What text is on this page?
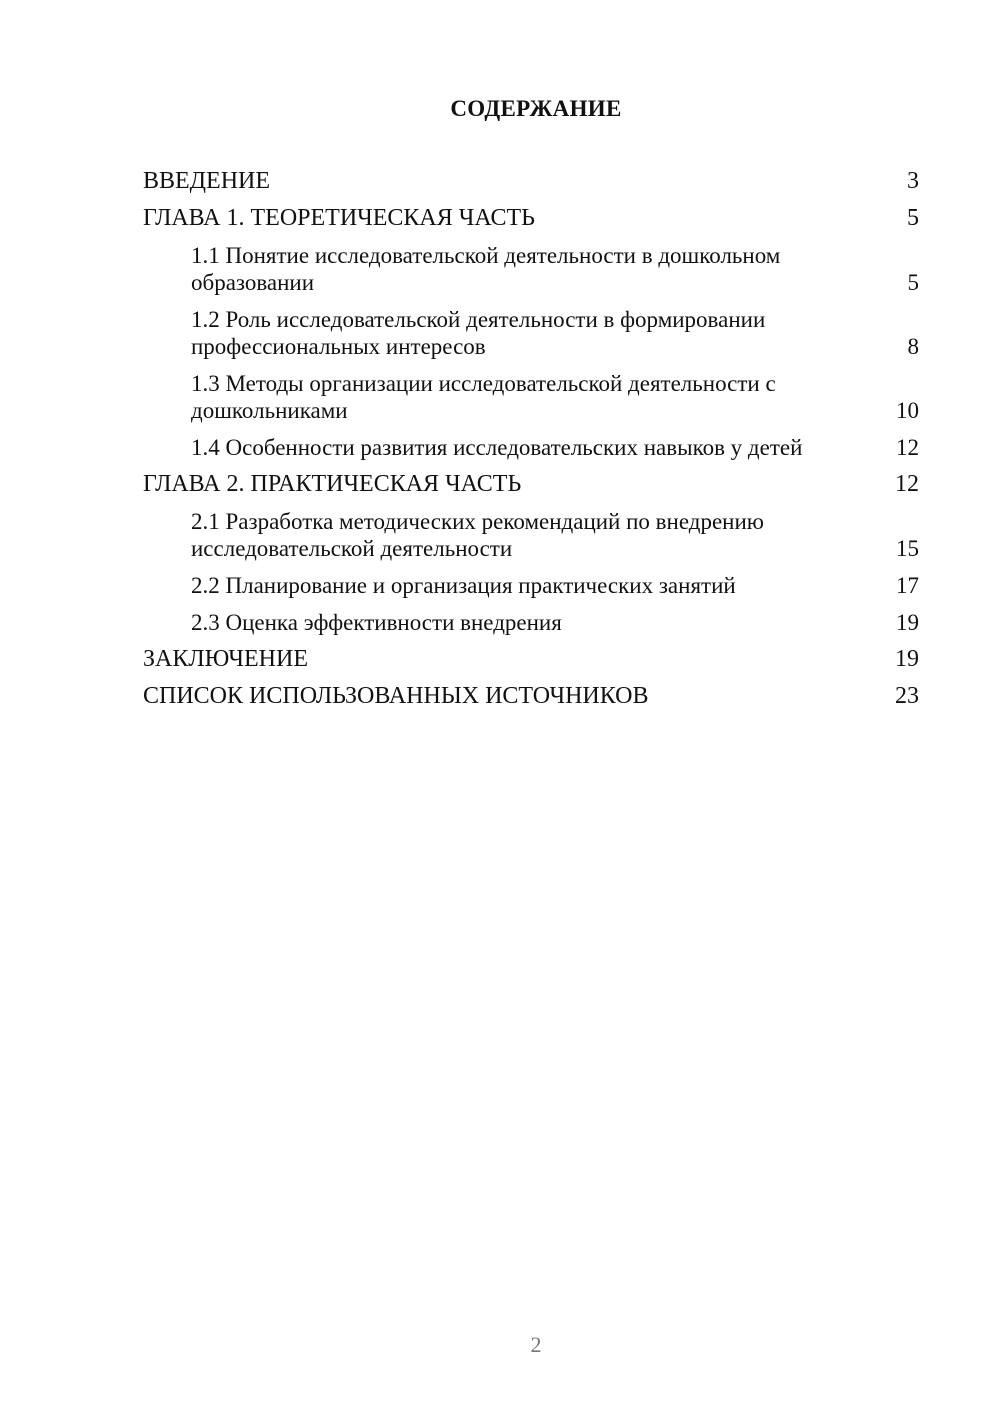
СОДЕРЖАНИЕ
ВВЕДЕНИЕ	3
ГЛАВА 1. ТЕОРЕТИЧЕСКАЯ ЧАСТЬ	5
1.1 Понятие исследовательской деятельности в дошкольном образовании	5
1.2 Роль исследовательской деятельности в формировании профессиональных интересов	8
1.3 Методы организации исследовательской деятельности с дошкольниками	10
1.4 Особенности развития исследовательских навыков у детей	12
ГЛАВА 2. ПРАКТИЧЕСКАЯ ЧАСТЬ	12
2.1 Разработка методических рекомендаций по внедрению исследовательской деятельности	15
2.2 Планирование и организация практических занятий	17
2.3 Оценка эффективности внедрения	19
ЗАКЛЮЧЕНИЕ	19
СПИСОК ИСПОЛЬЗОВАННЫХ ИСТОЧНИКОВ	23
2
